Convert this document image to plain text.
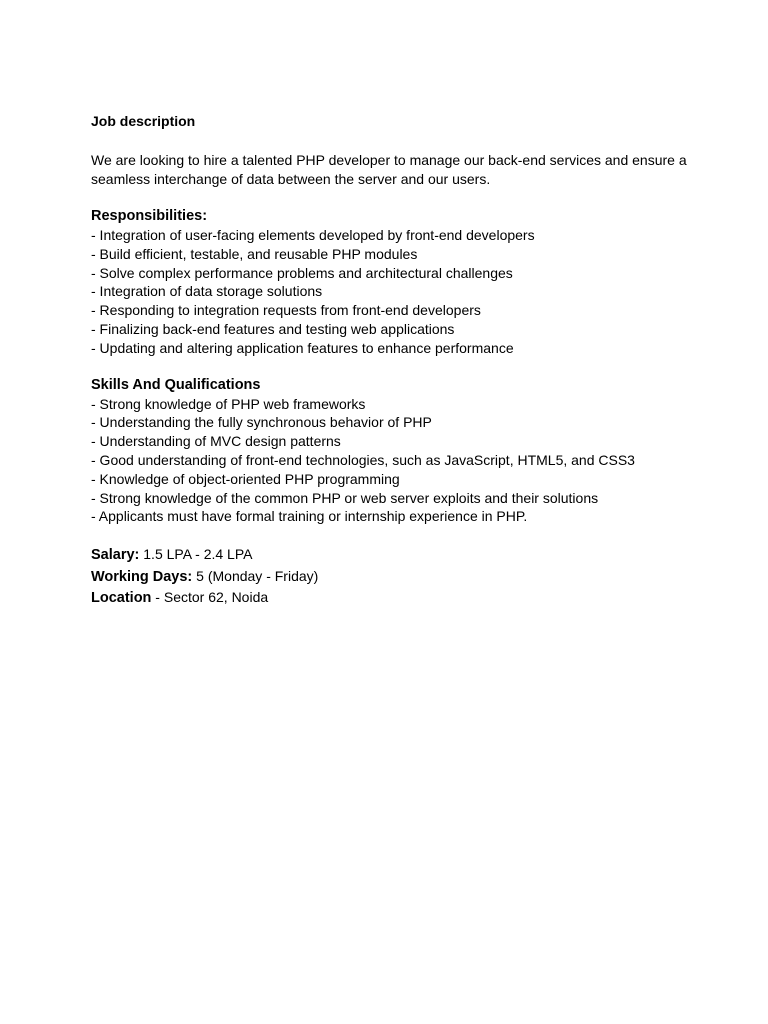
Job description

We are looking to hire a talented PHP developer to manage our back-end services and ensure a seamless interchange of data between the server and our users.

Responsibilities:

- Integration of user-facing elements developed by front-end developers
- Build efficient, testable, and reusable PHP modules
- Solve complex performance problems and architectural challenges
- Integration of data storage solutions
- Responding to integration requests from front-end developers
- Finalizing back-end features and testing web applications
- Updating and altering application features to enhance performance

Skills And Qualifications

- Strong knowledge of PHP web frameworks
- Understanding the fully synchronous behavior of PHP
- Understanding of MVC design patterns
- Good understanding of front-end technologies, such as JavaScript, HTML5, and CSS3
- Knowledge of object-oriented PHP programming
- Strong knowledge of the common PHP or web server exploits and their solutions
- Applicants must have formal training or internship experience in PHP.

Salary: 1.5 LPA - 2.4 LPA

Working Days: 5 (Monday - Friday)

Location - Sector 62, Noida
